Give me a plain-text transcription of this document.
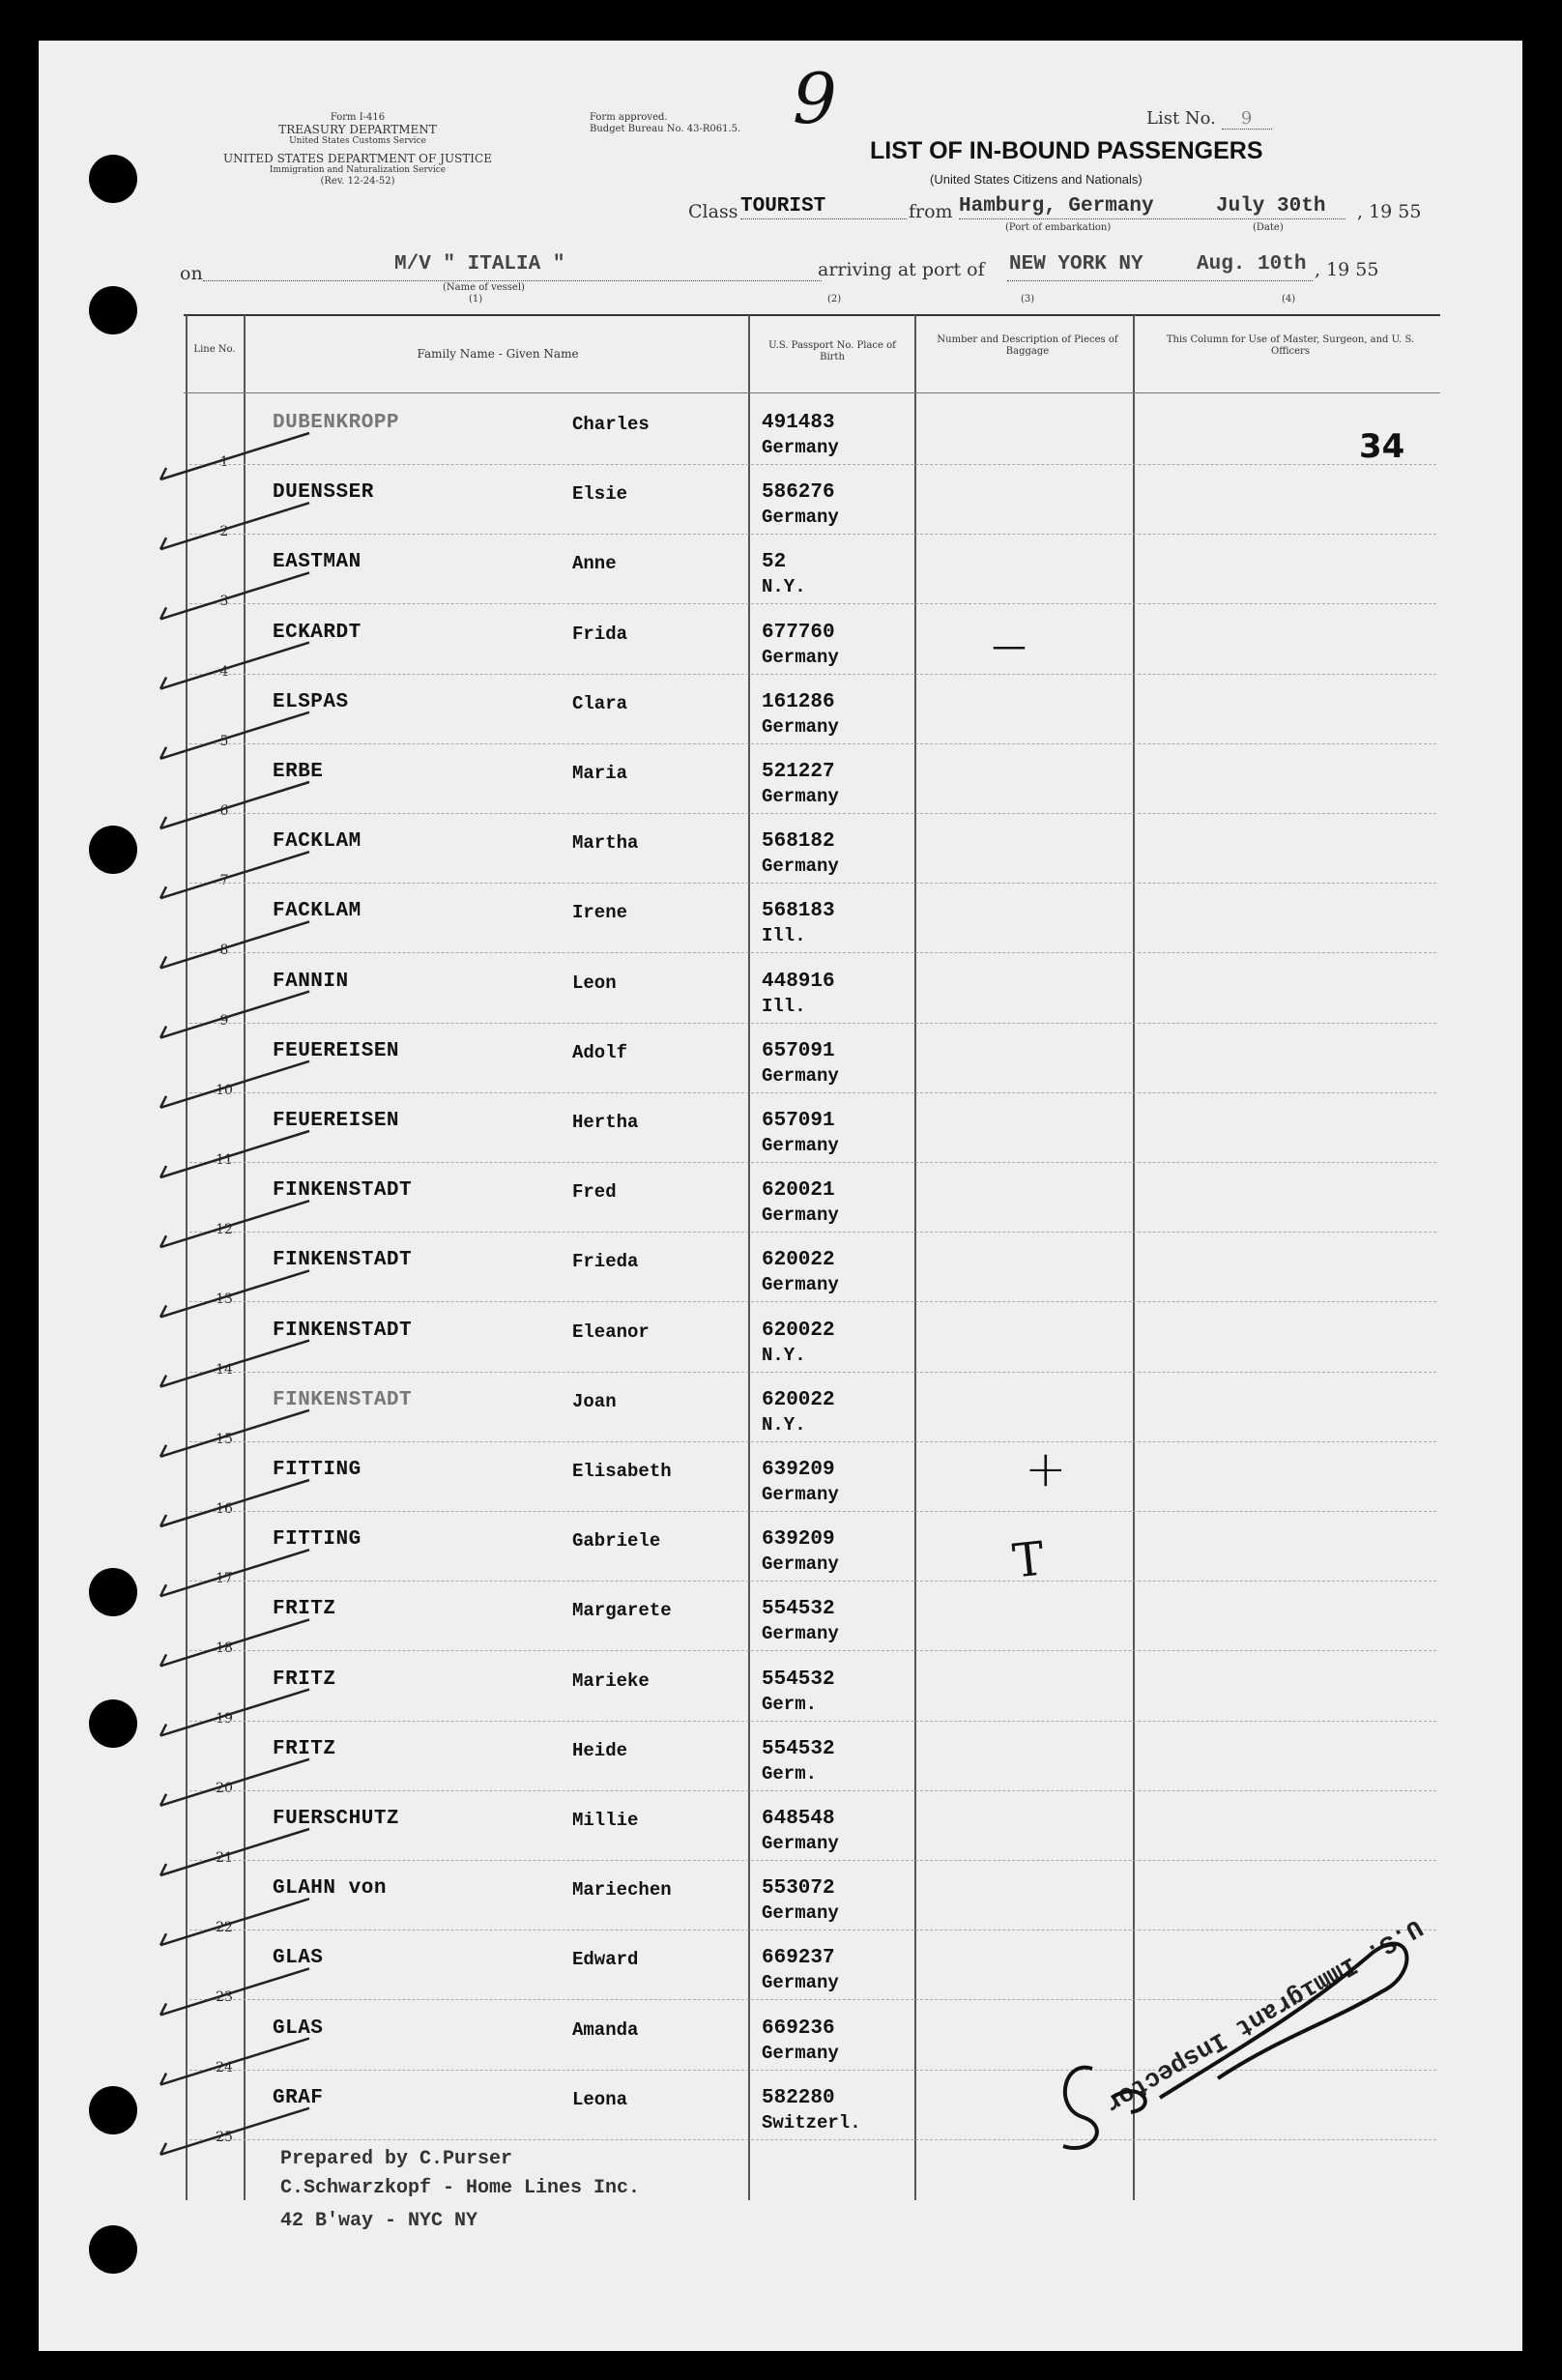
Form I-416
TREASURY DEPARTMENT
United States Customs Service
UNITED STATES DEPARTMENT OF JUSTICE
Immigration and Naturalization Service
(Rev. 12-24-52)
Form approved.
Budget Bureau No. 43-R061.5. 9	List No. 9
LIST OF IN-BOUND PASSENGERS
(United States Citizens and Nationals)
Class TOURIST	from Hamburg, Germany	July 30th , 19 55
(Port of embarkation)	(Date)
on	M/V " ITALIA "
(Name of vessel)
(1)
arriving at port of NEW YORK NY	Aug. 10th , 19 55
(2)	(3)	(4)
Line No.	Family Name - Given Name
U.S. Passport No. Place of Birth
Number and Description of Pieces of Baggage
This Column for Use of Master, Surgeon, and U. S. Officers
34
1
DUBENKROPP	Charles	491483
Germany
2
DUENSSER	Elsie	586276
Germany
3
EASTMAN	Anne	52
N.Y.
4
ECKARDT	Frida	677760
Germany
5
ELSPAS	Clara	161286
Germany
6
ERBE	Maria	521227
Germany
7
FACKLAM	Martha	568182
Germany
8
FACKLAM	Irene	568183
Ill.
9
FANNIN	Leon	448916
Ill.
10
FEUEREISEN	Adolf	657091
Germany
11
FEUEREISEN	Hertha	657091
Germany
12
FINKENSTADT	Fred	620021
Germany
13
FINKENSTADT	Frieda	620022
Germany
14
FINKENSTADT	Eleanor	620022
N.Y.
15
FINKENSTADT	Joan	620022
N.Y.
16
FITTING	Elisabeth	639209
Germany
17
FITTING	Gabriele	639209
Germany
18
FRITZ	Margarete	554532
Germany
19
FRITZ	Marieke	554532
Germ.
20
FRITZ	Heide	554532
Germ.
21
FUERSCHUTZ	Millie	648548
Germany
22
GLAHN von	Mariechen	553072
Germany
23
GLAS	Edward	669237
Germany
24
GLAS	Amanda	669236
Germany
25
GRAF	Leona	582280
Switzerl.
—
+
T
Prepared by C.Purser
C.Schwarzkopf - Home Lines Inc.
42 B'way - NYC NY
U.S. Immigrant Inspector
